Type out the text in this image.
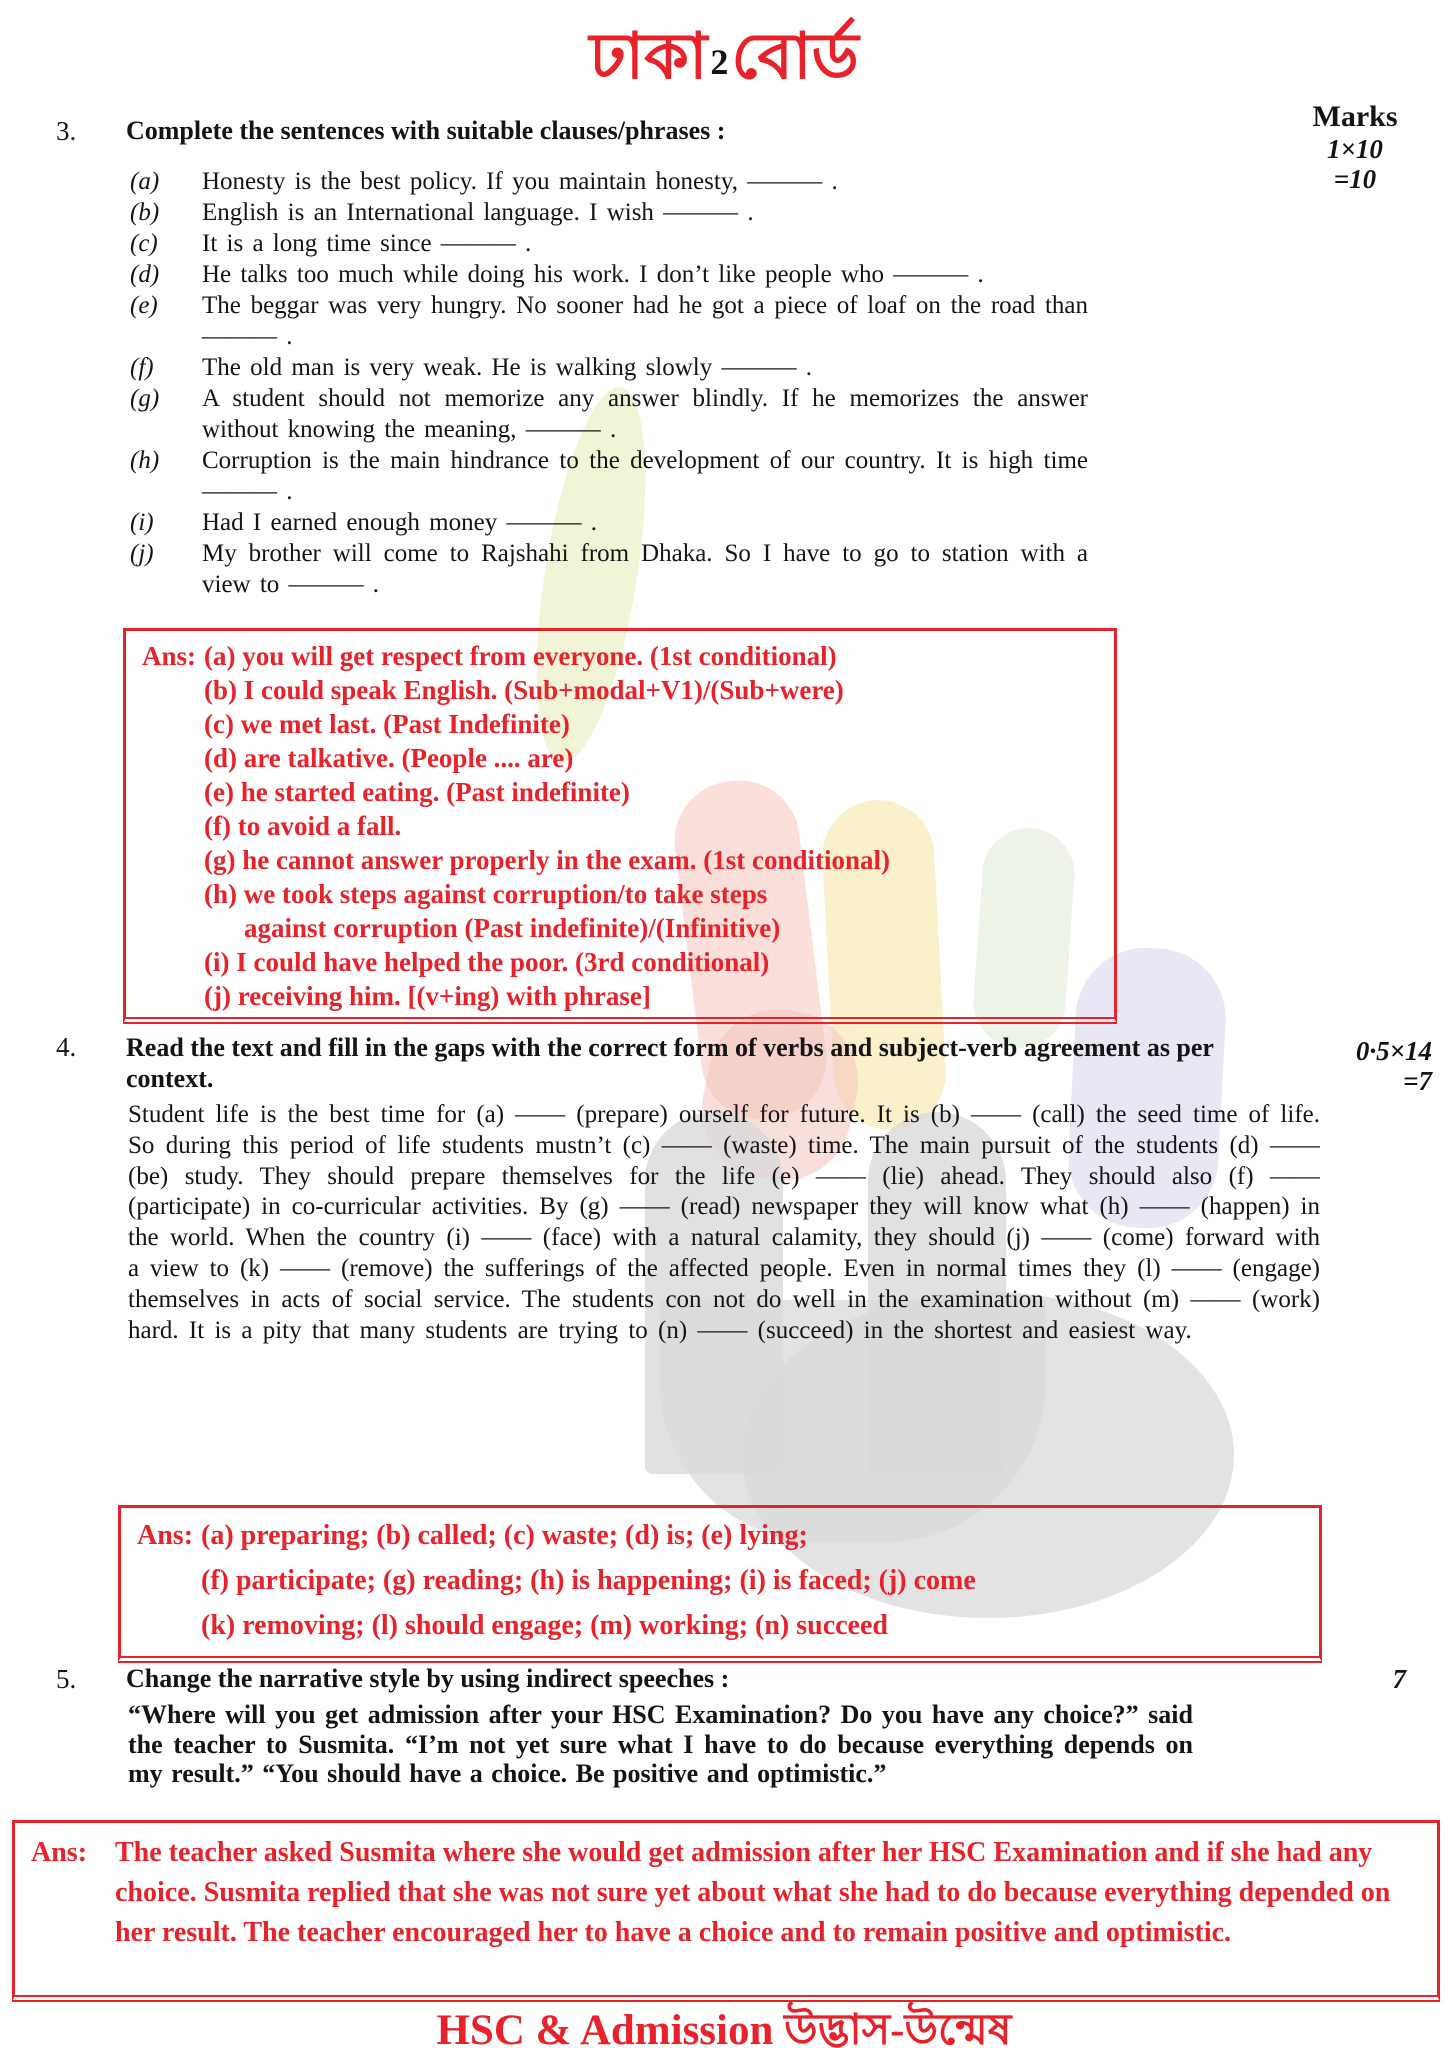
ঢাকা2বোর্ড
Marks
1×10
=10
3. Complete the sentences with suitable clauses/phrases :
(a) Honesty is the best policy. If you maintain honesty, ——— .
(b) English is an International language. I wish ——— .
(c) It is a long time since ——— .
(d) He talks too much while doing his work. I don’t like people who ——— .
(e) The beggar was very hungry. No sooner had he got a piece of loaf on the road than ——— .
(f) The old man is very weak. He is walking slowly ——— .
(g) A student should not memorize any answer blindly. If he memorizes the answer without knowing the meaning, ——— .
(h) Corruption is the main hindrance to the development of our country. It is high time ——— .
(i) Had I earned enough money ——— .
(j) My brother will come to Rajshahi from Dhaka. So I have to go to station with a view to ——— .
Ans: (a) you will get respect from everyone. (1st conditional)
(b) I could speak English. (Sub+modal+V1)/(Sub+were)
(c) we met last. (Past Indefinite)
(d) are talkative. (People .... are)
(e) he started eating. (Past indefinite)
(f) to avoid a fall.
(g) he cannot answer properly in the exam. (1st conditional)
(h) we took steps against corruption/to take steps
against corruption (Past indefinite)/(Infinitive)
(i) I could have helped the poor. (3rd conditional)
(j) receiving him. [(v+ing) with phrase]
4. Read the text and fill in the gaps with the correct form of verbs and subject-verb agreement as per context.
0·5×14
=7
Student life is the best time for (a) —— (prepare) ourself for future. It is (b) —— (call) the seed time of life. So during this period of life students mustn’t (c) —— (waste) time. The main pursuit of the students (d) —— (be) study. They should prepare themselves for the life (e) —— (lie) ahead. They should also (f) —— (participate) in co-curricular activities. By (g) —— (read) newspaper they will know what (h) —— (happen) in the world. When the country (i) —— (face) with a natural calamity, they should (j) —— (come) forward with a view to (k) —— (remove) the sufferings of the affected people. Even in normal times they (l) —— (engage) themselves in acts of social service. The students con not do well in the examination without (m) —— (work) hard. It is a pity that many students are trying to (n) —— (succeed) in the shortest and easiest way.
Ans: (a) preparing; (b) called; (c) waste; (d) is; (e) lying;
(f) participate; (g) reading; (h) is happening; (i) is faced; (j) come
(k) removing; (l) should engage; (m) working; (n) succeed
5. Change the narrative style by using indirect speeches :	7
“Where will you get admission after your HSC Examination? Do you have any choice?” said the teacher to Susmita. “I’m not yet sure what I have to do because everything depends on my result.” “You should have a choice. Be positive and optimistic.”
Ans: The teacher asked Susmita where she would get admission after her HSC Examination and if she had any choice. Susmita replied that she was not sure yet about what she had to do because everything depended on her result. The teacher encouraged her to have a choice and to remain positive and optimistic.
HSC & Admission উদ্ভাস-উন্মেষ
